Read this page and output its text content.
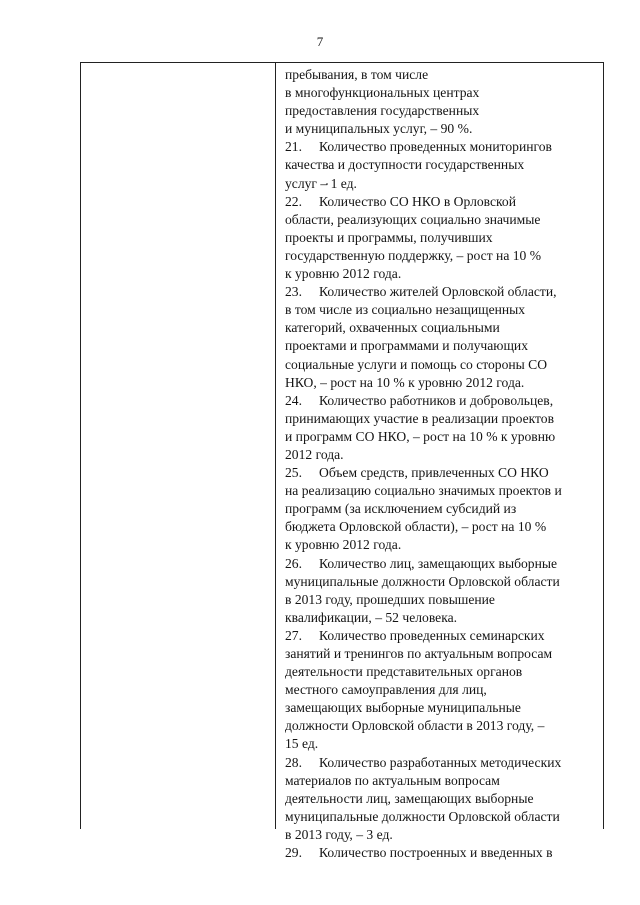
7
пребывания, в том числе
в многофункциональных центрах
предоставления государственных
и муниципальных услуг, – 90 %.
21. Количество проведенных мониторингов
качества и доступности государственных
услуг – 1 ед.
22. Количество СО НКО в Орловской
области, реализующих социально значимые
проекты и программы, получивших
государственную поддержку, – рост на 10 %
к уровню 2012 года.
23. Количество жителей Орловской области,
в том числе из социально незащищенных
категорий, охваченных социальными
проектами и программами и получающих
социальные услуги и помощь со стороны СО
НКО, – рост на 10 % к уровню 2012 года.
24. Количество работников и добровольцев,
принимающих участие в реализации проектов
и программ СО НКО, – рост на 10 % к уровню
2012 года.
25. Объем средств, привлеченных СО НКО
на реализацию социально значимых проектов и
программ (за исключением субсидий из
бюджета Орловской области), – рост на 10 %
к уровню 2012 года.
26. Количество лиц, замещающих выборные
муниципальные должности Орловской области
в 2013 году, прошедших повышение
квалификации, – 52 человека.
27. Количество проведенных семинарских
занятий и тренингов по актуальным вопросам
деятельности представительных органов
местного самоуправления для лиц,
замещающих выборные муниципальные
должности Орловской области в 2013 году, –
15 ед.
28. Количество разработанных методических
материалов по актуальным вопросам
деятельности лиц, замещающих выборные
муниципальные должности Орловской области
в 2013 году, – 3 ед.
29. Количество построенных и введенных в
